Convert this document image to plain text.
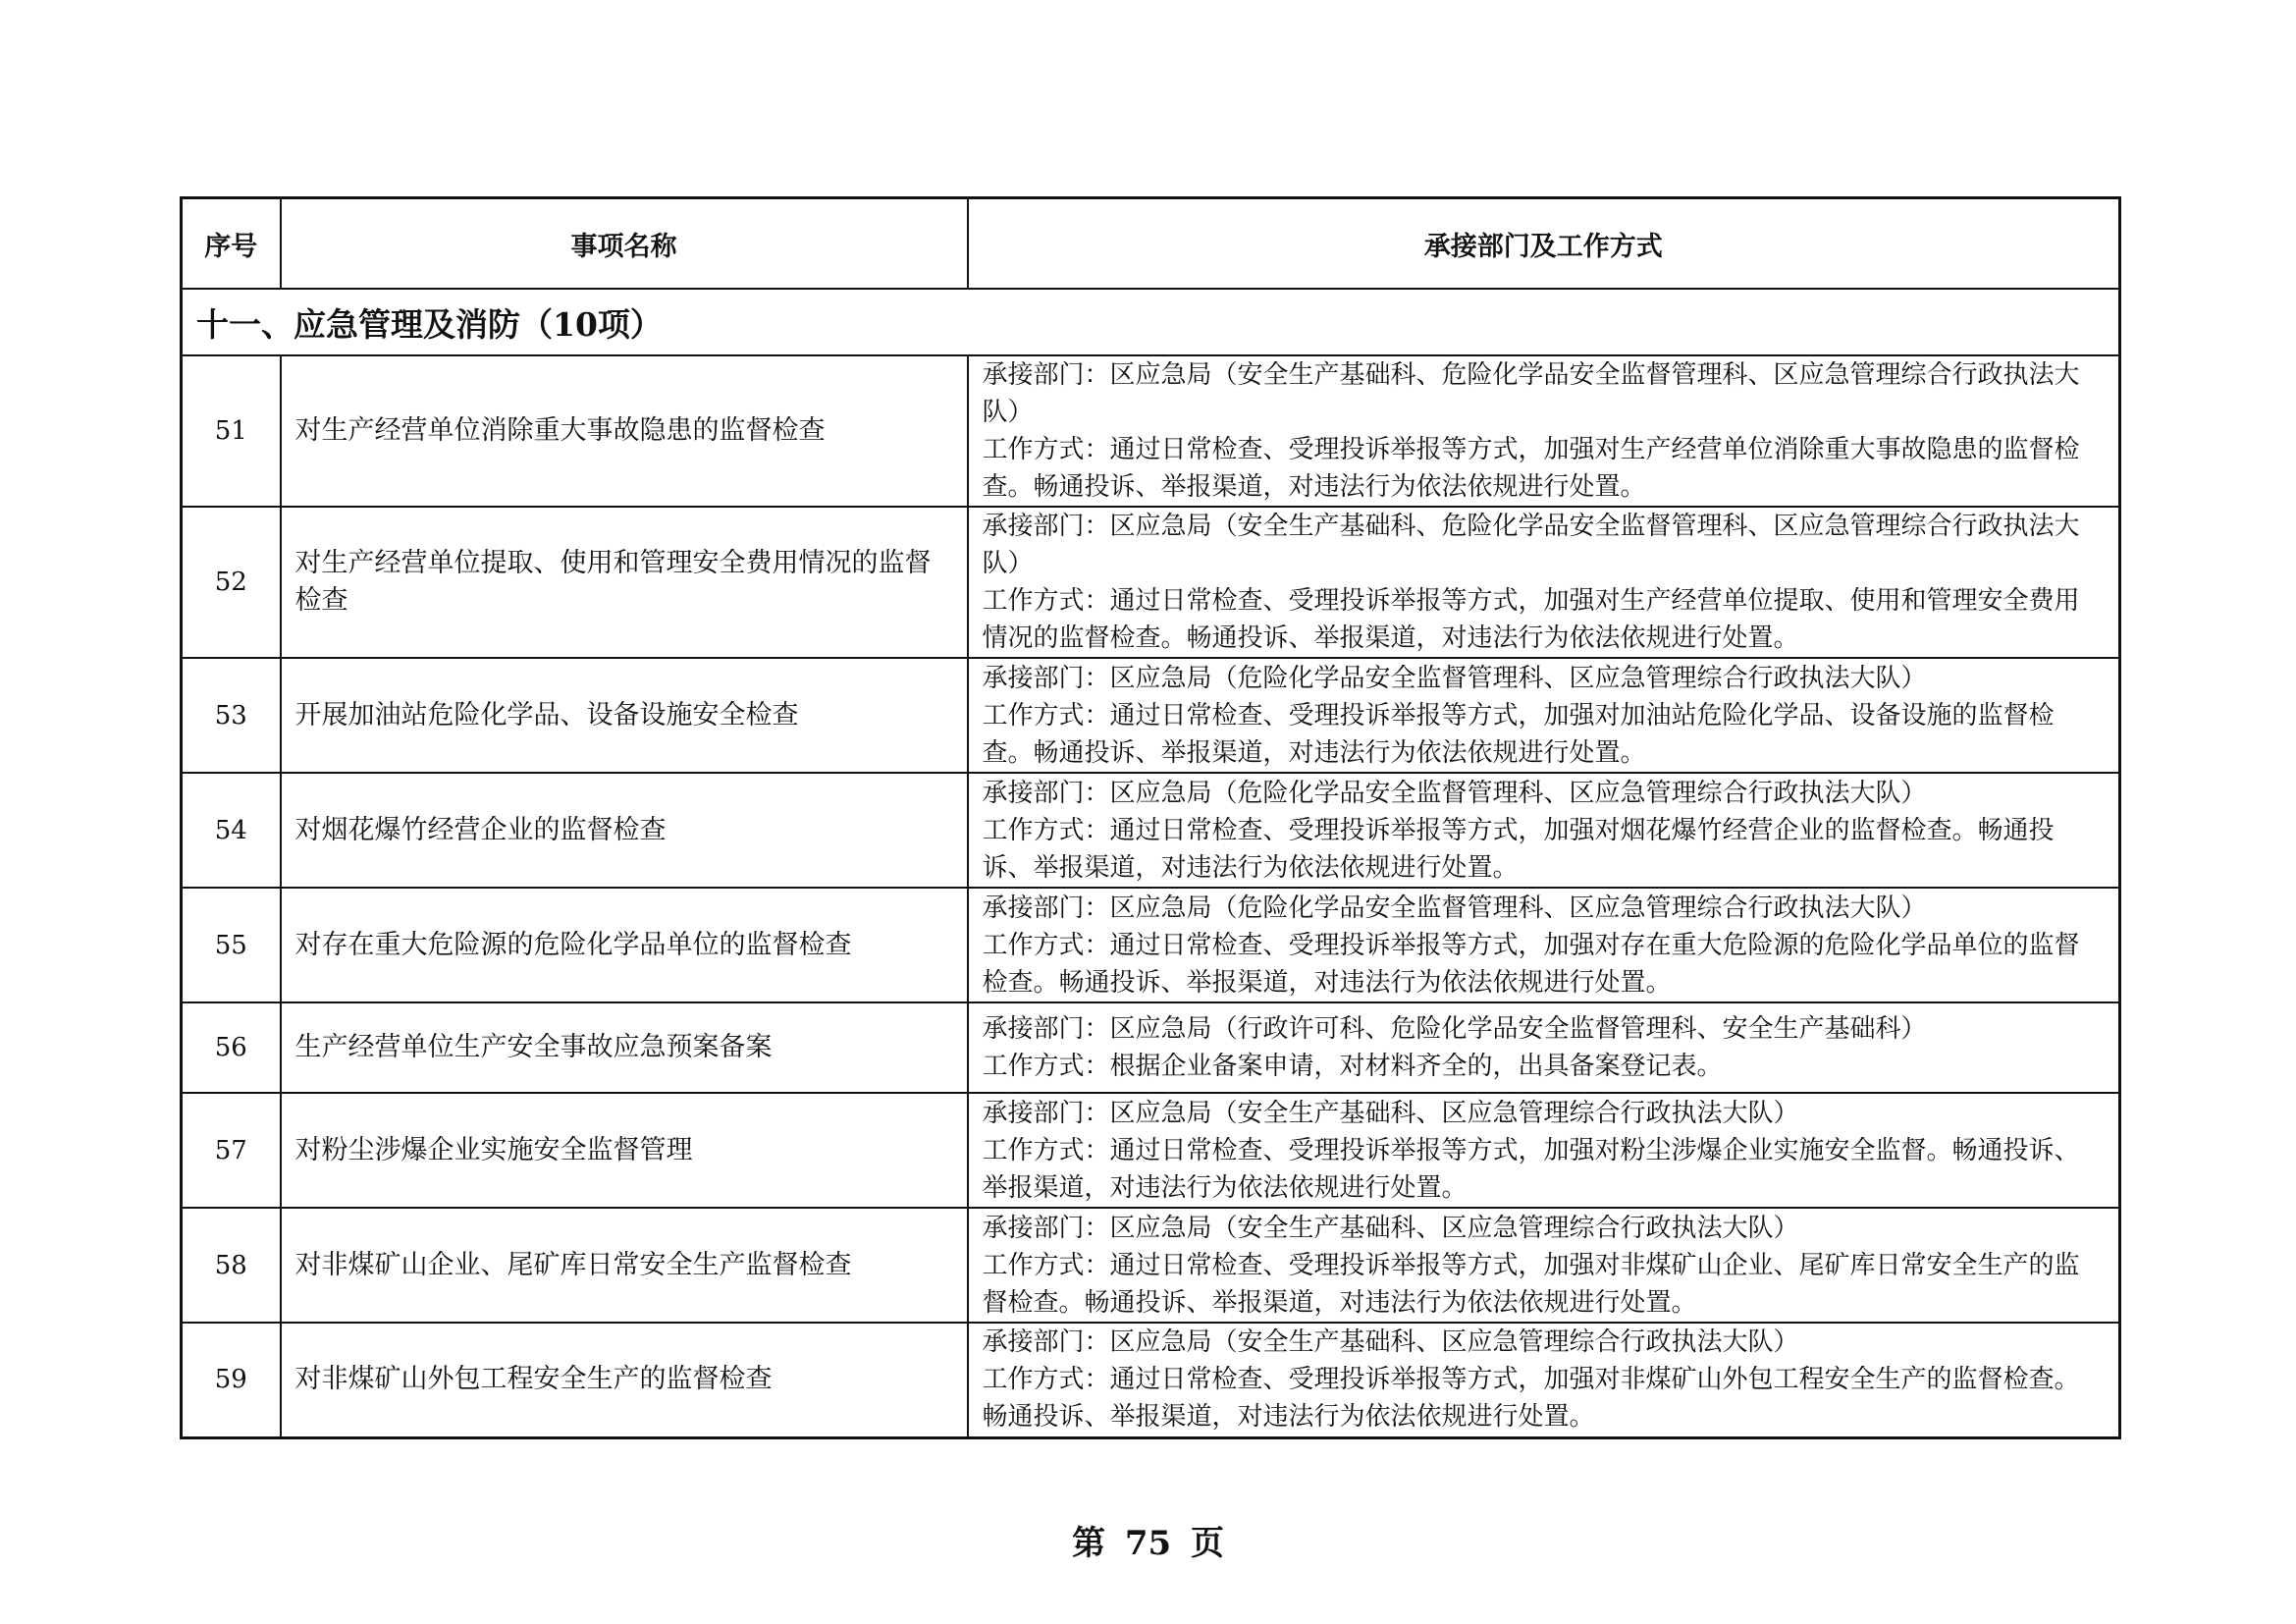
序号	事项名称	承接部门及工作方式
十一、应急管理及消防（10项）		
51	对生产经营单位消除重大事故隐患的监督检查	承接部门：区应急局（安全生产基础科、危险化学品安全监督管理科、区应急管理综合行政执法大队）
工作方式：通过日常检查、受理投诉举报等方式，加强对生产经营单位消除重大事故隐患的监督检查。畅通投诉、举报渠道，对违法行为依法依规进行处置。

52	对生产经营单位提取、使用和管理安全费用情况的监督检查	承接部门：区应急局（安全生产基础科、危险化学品安全监督管理科、区应急管理综合行政执法大队）
工作方式：通过日常检查、受理投诉举报等方式，加强对生产经营单位提取、使用和管理安全费用情况的监督检查。畅通投诉、举报渠道，对违法行为依法依规进行处置。

53	开展加油站危险化学品、设备设施安全检查	承接部门：区应急局（危险化学品安全监督管理科、区应急管理综合行政执法大队）
工作方式：通过日常检查、受理投诉举报等方式，加强对加油站危险化学品、设备设施的监督检查。畅通投诉、举报渠道，对违法行为依法依规进行处置。

54	对烟花爆竹经营企业的监督检查	承接部门：区应急局（危险化学品安全监督管理科、区应急管理综合行政执法大队）
工作方式：通过日常检查、受理投诉举报等方式，加强对烟花爆竹经营企业的监督检查。畅通投诉、举报渠道，对违法行为依法依规进行处置。

55	对存在重大危险源的危险化学品单位的监督检查	承接部门：区应急局（危险化学品安全监督管理科、区应急管理综合行政执法大队）
工作方式：通过日常检查、受理投诉举报等方式，加强对存在重大危险源的危险化学品单位的监督检查。畅通投诉、举报渠道，对违法行为依法依规进行处置。

56	生产经营单位生产安全事故应急预案备案	承接部门：区应急局（行政许可科、危险化学品安全监督管理科、安全生产基础科）
工作方式：根据企业备案申请，对材料齐全的，出具备案登记表。

57	对粉尘涉爆企业实施安全监督管理	承接部门：区应急局（安全生产基础科、区应急管理综合行政执法大队）
工作方式：通过日常检查、受理投诉举报等方式，加强对粉尘涉爆企业实施安全监督。畅通投诉、举报渠道，对违法行为依法依规进行处置。

58	对非煤矿山企业、尾矿库日常安全生产监督检查	承接部门：区应急局（安全生产基础科、区应急管理综合行政执法大队）
工作方式：通过日常检查、受理投诉举报等方式，加强对非煤矿山企业、尾矿库日常安全生产的监督检查。畅通投诉、举报渠道，对违法行为依法依规进行处置。

59	对非煤矿山外包工程安全生产的监督检查	承接部门：区应急局（安全生产基础科、区应急管理综合行政执法大队）
工作方式：通过日常检查、受理投诉举报等方式，加强对非煤矿山外包工程安全生产的监督检查。畅通投诉、举报渠道，对违法行为依法依规进行处置。
第 75 页
